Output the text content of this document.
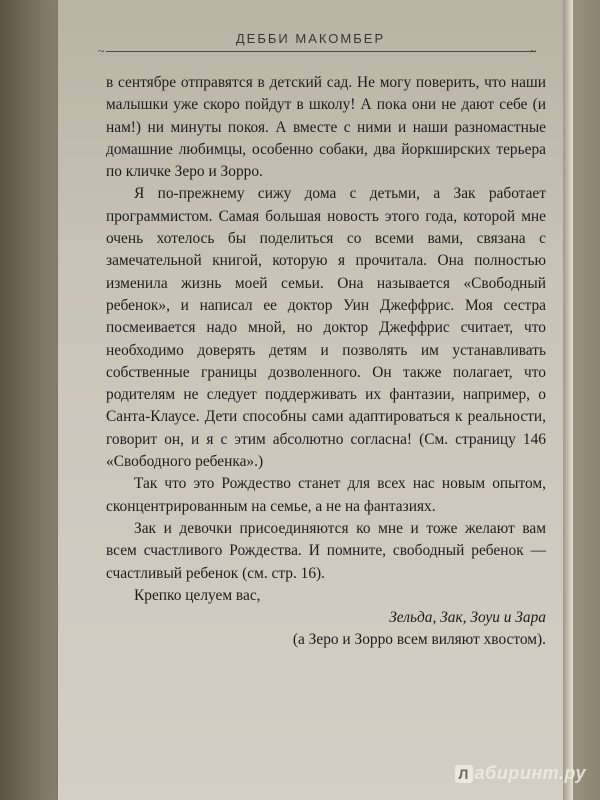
ДЕББИ МАКОМБЕР
~	~

в сентябре отправятся в детский сад. Не могу поверить, что наши малышки уже скоро пойдут в школу! А пока они не дают себе (и нам!) ни минуты покоя. А вместе с ними и наши разномастные домашние любимцы, особенно собаки, два йоркширских терьера по кличке Зеро и Зорро.

Я по-прежнему сижу дома с детьми, а Зак работает программистом. Самая большая новость этого года, которой мне очень хотелось бы поделиться со всеми вами, связана с замечательной книгой, которую я прочитала. Она полностью изменила жизнь моей семьи. Она называется «Свободный ребенок», и написал ее доктор Уин Джеффрис. Моя сестра посмеивается надо мной, но доктор Джеффрис считает, что необходимо доверять детям и позволять им устанавливать собственные границы дозволенного. Он также полагает, что родителям не следует поддерживать их фантазии, например, о Санта-Клаусе. Дети способны сами адаптироваться к реальности, говорит он, и я с этим абсолютно согласна! (См. страницу 146 «Свободного ребенка».)

Так что это Рождество станет для всех нас новым опытом, сконцентрированным на семье, а не на фантазиях.

Зак и девочки присоединяются ко мне и тоже желают вам всем счастливого Рождества. И помните, свободный ребенок — счастливый ребенок (см. стр. 16).

Крепко целуем вас,

Зельда, Зак, Зоуи и Зара

(а Зеро и Зорро всем виляют хвостом).

Л абиринт.ру
